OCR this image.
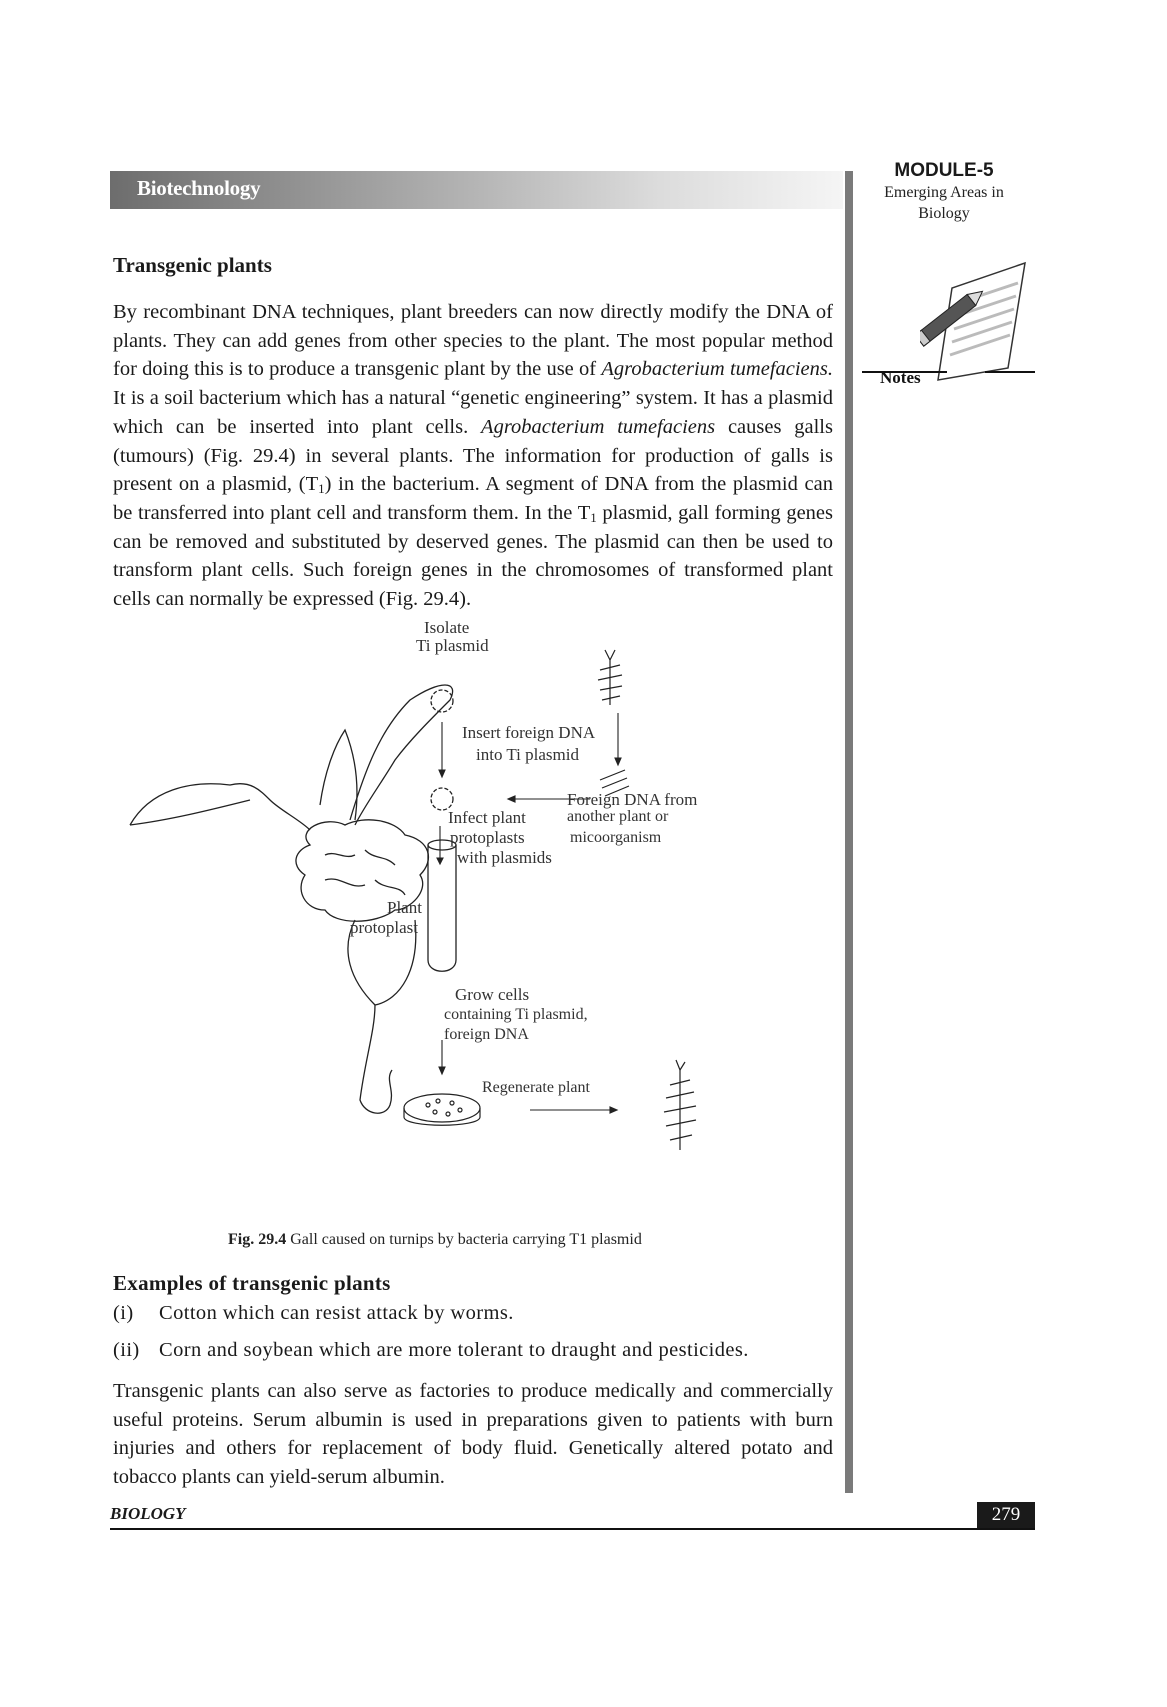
Biotechnology
MODULE-5
Emerging Areas in
Biology
Notes
Transgenic plants
By recombinant DNA techniques, plant breeders can now directly modify the DNA of plants. They can add genes from other species to the plant. The most popular method for doing this is to produce a transgenic plant by the use of Agrobacterium tumefaciens. It is a soil bacterium which has a natural “genetic engineering” system. It has a plasmid which can be inserted into plant cells. Agrobacterium tumefaciens causes galls (tumours) (Fig. 29.4) in several plants. The information for production of galls is present on a plasmid, $(T_1)$ in the bacterium. A segment of DNA from the plasmid can be transferred into plant cell and transform them. In the $T_1$ plasmid, gall forming genes can be removed and substituted by deserved genes. The plasmid can then be used to transform plant cells. Such foreign genes in the chromosomes of transformed plant cells can normally be expressed (Fig. 29.4).
Isolate
Ti plasmid
Insert foreign DNA
into Ti plasmid
Foreign DNA from
another plant or
micoorganism
Infect plant
protoplasts
with plasmids
Plant
protoplast
Grow cells
containing Ti plasmid,
foreign DNA
Regenerate plant
Fig. 29.4 Gall caused on turnips by bacteria carrying T1 plasmid
Examples of transgenic plants
(i) Cotton which can resist attack by worms.
(ii) Corn and soybean which are more tolerant to draught and pesticides.
Transgenic plants can also serve as factories to produce medically and commercially useful proteins. Serum albumin is used in preparations given to patients with burn injuries and others for replacement of body fluid. Genetically altered potato and tobacco plants can yield-serum albumin.
BIOLOGY	279
